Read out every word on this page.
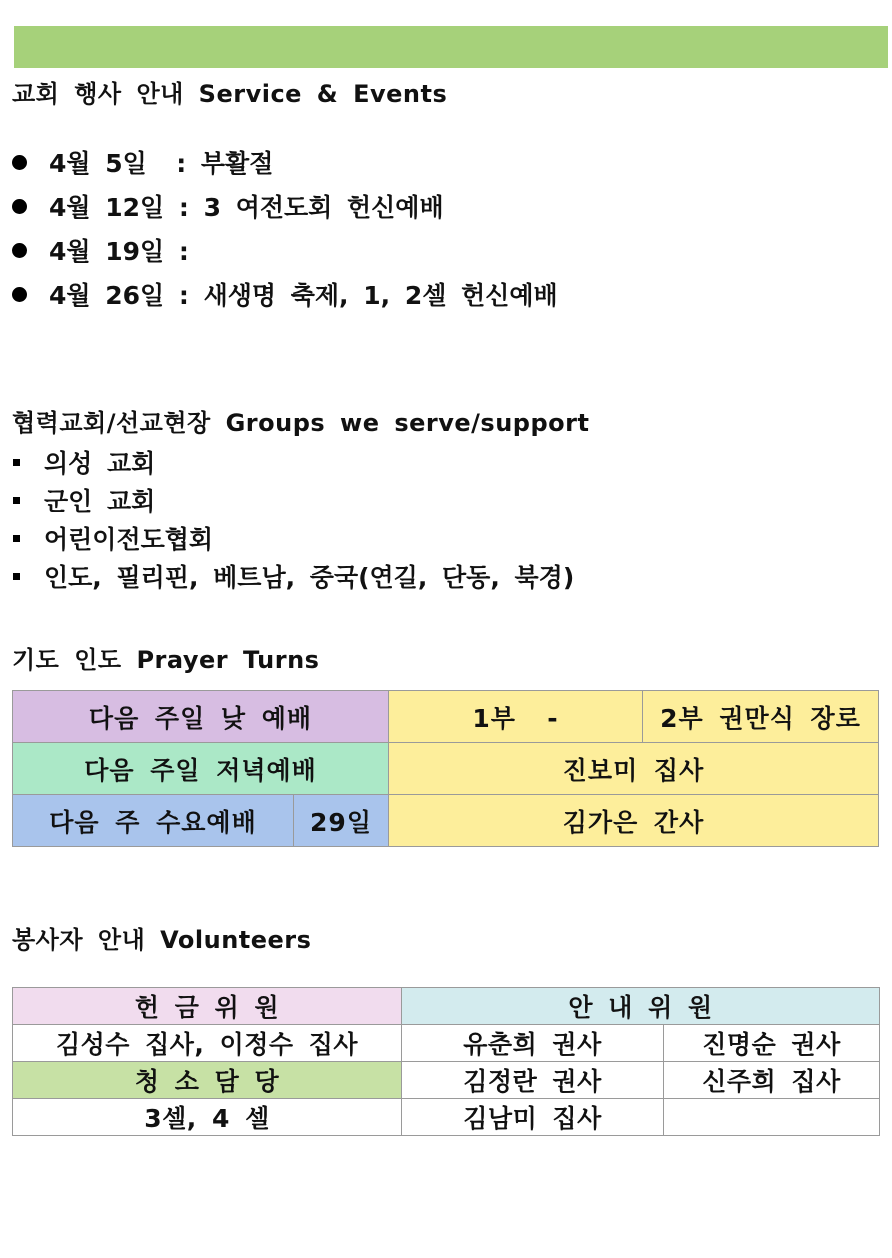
교회 행사 안내 Service & Events
4월 5일  : 부활절
4월 12일 : 3 여전도회 헌신예배
4월 19일 :
4월 26일 : 새생명 축제, 1, 2셀 헌신예배
협력교회/선교현장 Groups we serve/support
의성 교회
군인 교회
어린이전도협회
인도, 필리핀, 베트남, 중국(연길, 단동, 북경)
기도 인도 Prayer Turns
다음 주일 낮 예배		1부  -	2부 권만식 장로
다음 주일 저녁예배		진보미 집사	
다음 주 수요예배	29일	김가은 간사	
봉사자 안내 Volunteers
헌 금 위 원	안 내 위 원	
김성수 집사, 이정수 집사	유춘희 권사	진명순 권사
청 소 담 당	김정란 권사	신주희 집사
3셀, 4 셀	김남미 집사	
